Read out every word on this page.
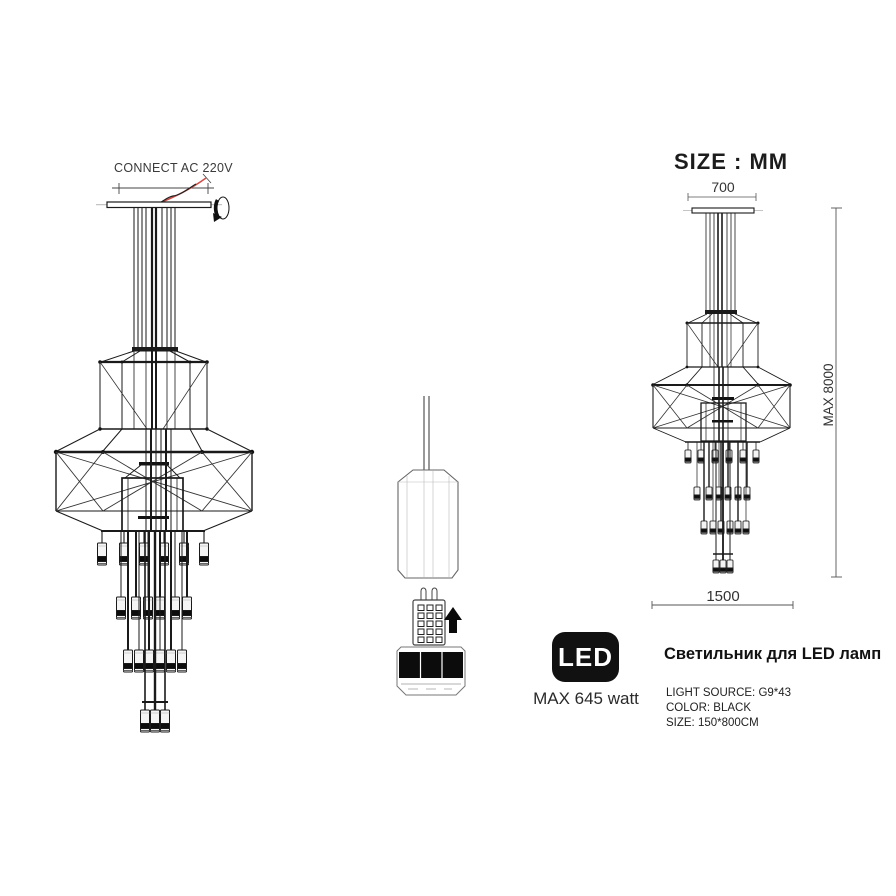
CONNECT AC 220V	SIZE : MM
700
MAX 8000
1500
LED
MAX 645 watt
Светильник для LED ламп
LIGHT SOURCE: G9*43
COLOR: BLACK
SIZE: 150*800CM
